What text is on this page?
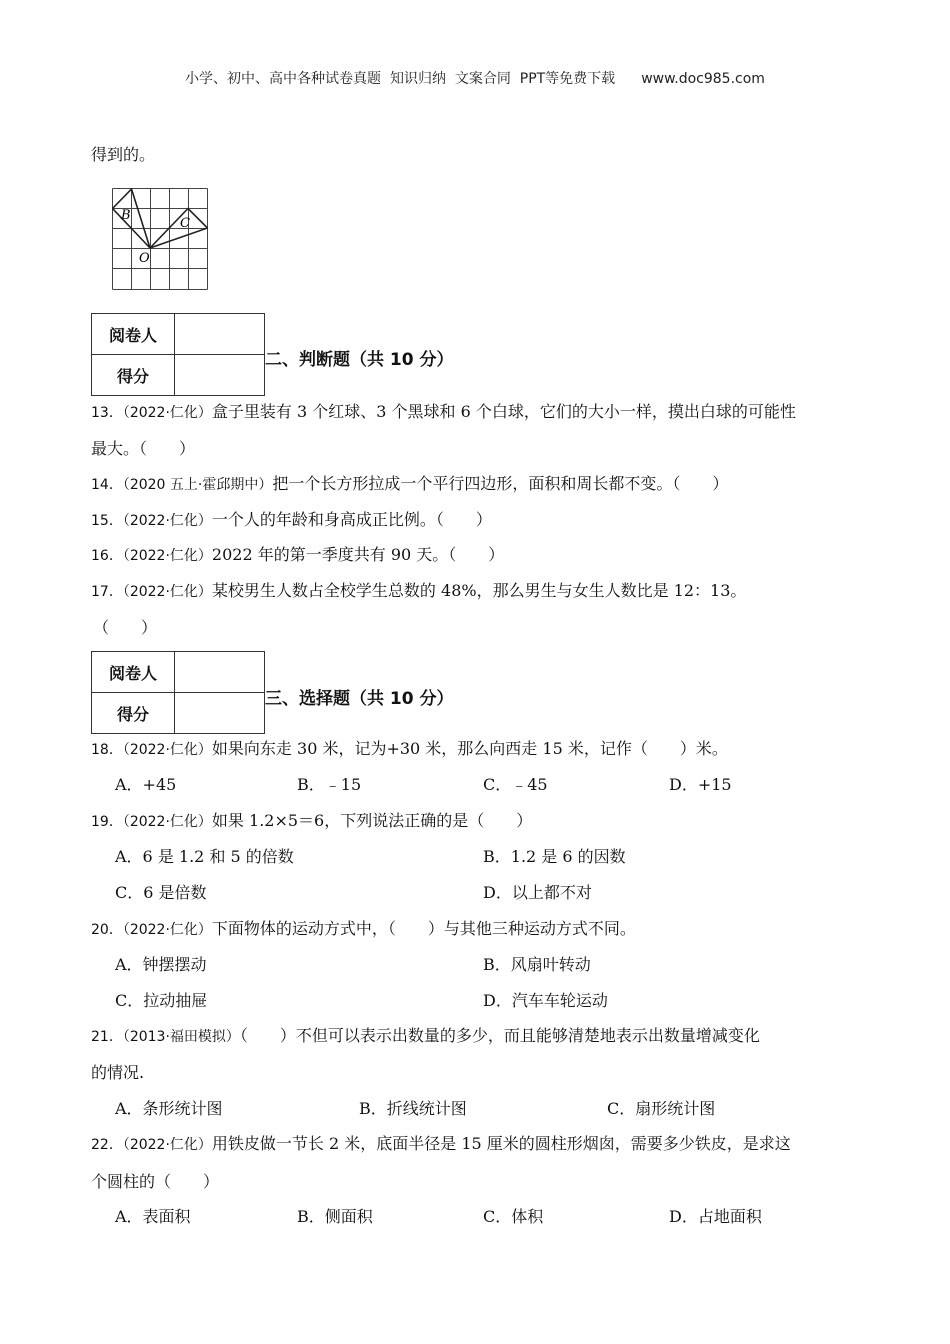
小学、初中、高中各种试卷真题  知识归纳  文案合同  PPT等免费下载 www.doc985.com
得到的。
B
C
O
阅卷人	
得分	
二、判断题（共 10 分）
13．（2022·仁化）盒子里装有 3 个红球、3 个黑球和 6 个白球，它们的大小一样，摸出白球的可能性
最大。（　　）
14．（2020 五上·霍邱期中）把一个长方形拉成一个平行四边形，面积和周长都不变。（　　）
15．（2022·仁化）一个人的年龄和身高成正比例。（　　）
16．（2022·仁化）2022 年的第一季度共有 90 天。（　　）
17．（2022·仁化）某校男生人数占全校学生总数的 48%，那么男生与女生人数比是 12：13。
（　　）
阅卷人	
得分	
三、选择题（共 10 分）
18．（2022·仁化）如果向东走 30 米，记为+30 米，那么向西走 15 米，记作（　　）米。
A．+45	B．﹣15	C．﹣45	D．+15
19．（2022·仁化）如果 1.2×5＝6，下列说法正确的是（　　）
A．6 是 1.2 和 5 的倍数	B．1.2 是 6 的因数
C．6 是倍数	D．以上都不对
20．（2022·仁化）下面物体的运动方式中，（　　）与其他三种运动方式不同。
A．钟摆摆动	B．风扇叶转动
C．拉动抽屉	D．汽车车轮运动
21．（2013·福田模拟）（　　）不但可以表示出数量的多少，而且能够清楚地表示出数量增减变化
的情况.
A．条形统计图	B．折线统计图	C．扇形统计图
22．（2022·仁化）用铁皮做一节长 2 米，底面半径是 15 厘米的圆柱形烟囱，需要多少铁皮，是求这
个圆柱的（　　）
A．表面积	B．侧面积	C．体积	D．占地面积
